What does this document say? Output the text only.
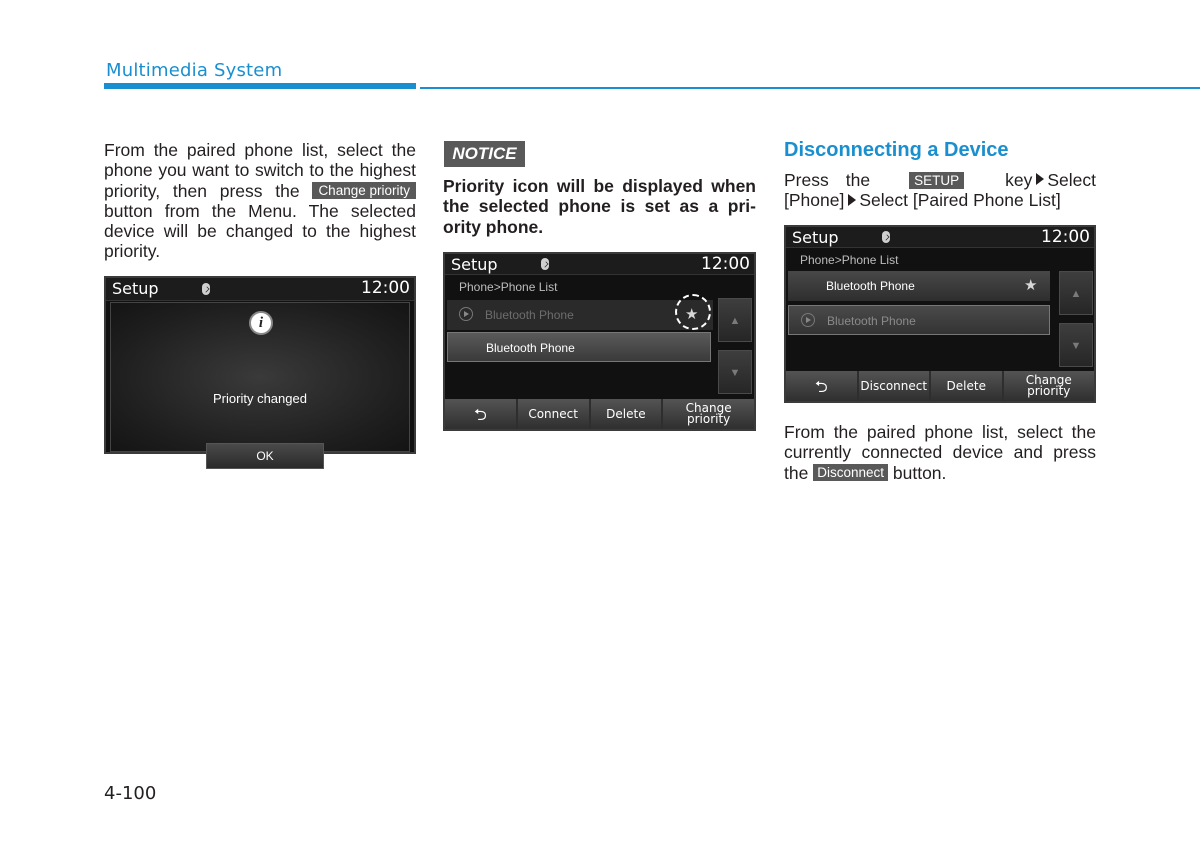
Multimedia System
From the paired phone list, select the phone you want to switch to the highest priority, then press the Change priority button from the Menu. The selected device will be changed to the highest priority.
Setup	12:00
i
Priority changed
OK
NOTICE
Priority icon will be displayed when the selected phone is set as a pri-ority phone.
Setup	12:00
Phone>Phone List
Bluetooth Phone	★
Bluetooth Phone
▲
▼
⮌	Connect	Delete	Change priority
Disconnecting a Device
Press the	SETUP	key Select [Phone] Select [Paired Phone List]
Setup	12:00
Phone>Phone List
Bluetooth Phone	★
Bluetooth Phone
▲
▼
⮌	Disconnect	Delete	Change priority
From the paired phone list, select the currently connected device and press the Disconnect button.
4-100
